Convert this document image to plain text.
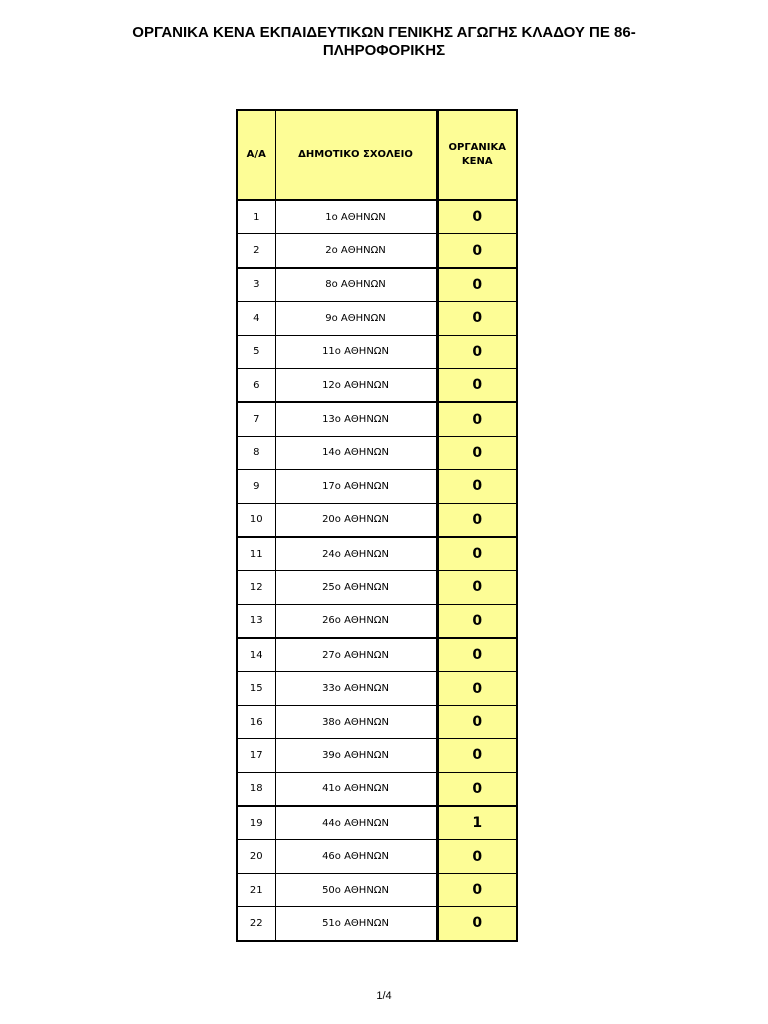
ΟΡΓΑΝΙΚΑ ΚΕΝΑ ΕΚΠΑΙΔΕΥΤΙΚΩΝ ΓΕΝΙΚΗΣ ΑΓΩΓΗΣ ΚΛΑΔΟΥ ΠΕ 86-
ΠΛΗΡΟΦΟΡΙΚΗΣ
Α/Α	ΔΗΜΟΤΙΚΟ ΣΧΟΛΕΙΟ	ΟΡΓΑΝΙΚΑ
ΚΕΝΑ
1	1ο ΑΘΗΝΩΝ	0
2	2ο ΑΘΗΝΩΝ	0
3	8ο ΑΘΗΝΩΝ	0
4	9ο ΑΘΗΝΩΝ	0
5	11ο ΑΘΗΝΩΝ	0
6	12ο ΑΘΗΝΩΝ	0
7	13ο ΑΘΗΝΩΝ	0
8	14ο ΑΘΗΝΩΝ	0
9	17ο ΑΘΗΝΩΝ	0
10	20ο ΑΘΗΝΩΝ	0
11	24ο ΑΘΗΝΩΝ	0
12	25ο ΑΘΗΝΩΝ	0
13	26ο ΑΘΗΝΩΝ	0
14	27ο ΑΘΗΝΩΝ	0
15	33ο ΑΘΗΝΩΝ	0
16	38ο ΑΘΗΝΩΝ	0
17	39ο ΑΘΗΝΩΝ	0
18	41ο ΑΘΗΝΩΝ	0
19	44ο ΑΘΗΝΩΝ	1
20	46ο ΑΘΗΝΩΝ	0
21	50ο ΑΘΗΝΩΝ	0
22	51ο ΑΘΗΝΩΝ	0
1/4
